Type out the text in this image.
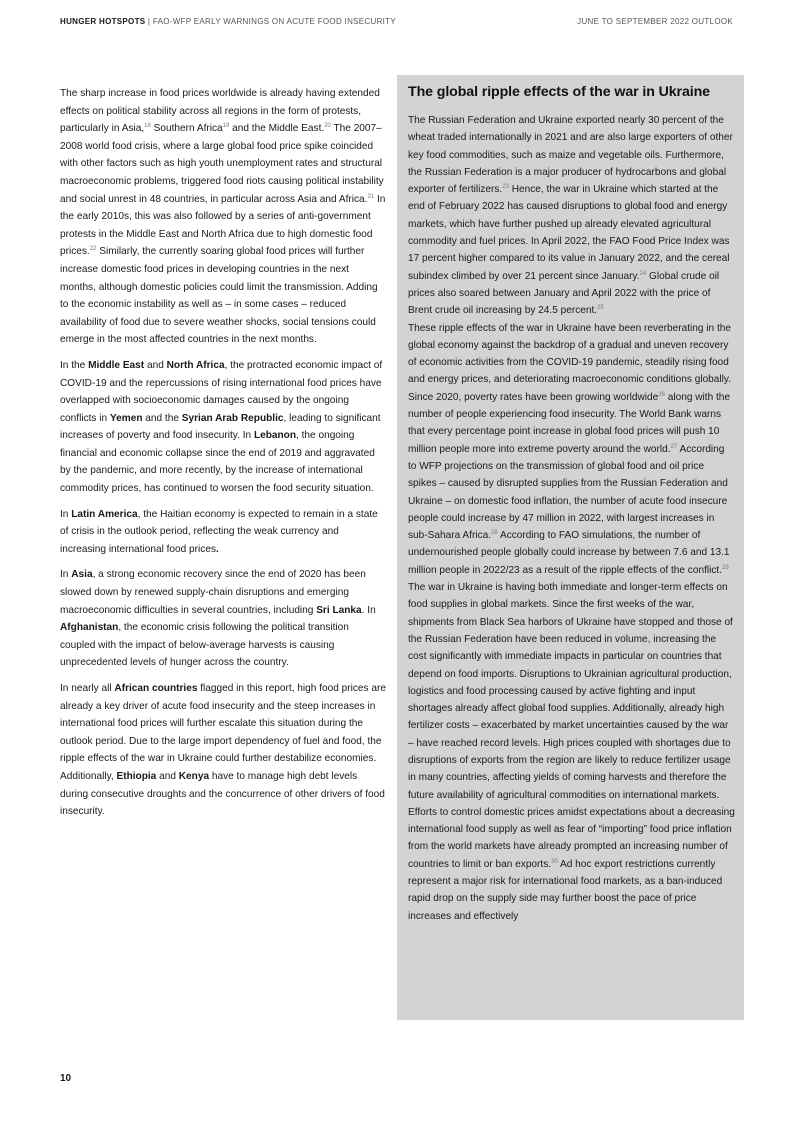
HUNGER HOTSPOTS | FAO-WFP EARLY WARNINGS ON ACUTE FOOD INSECURITY	JUNE TO SEPTEMBER 2022 OUTLOOK

The sharp increase in food prices worldwide is already having extended effects on political stability across all regions in the form of protests, particularly in Asia,$^{18}$ Southern Africa$^{19}$ and the Middle East.$^{20}$ The 2007–2008 world food crisis, where a large global food price spike coincided with other factors such as high youth unemployment rates and structural macroeconomic problems, triggered food riots causing political instability and social unrest in 48 countries, in particular across Asia and Africa.$^{21}$ In the early 2010s, this was also followed by a series of anti-government protests in the Middle East and North Africa due to high domestic food prices.$^{22}$ Similarly, the currently soaring global food prices will further increase domestic food prices in developing countries in the next months, although domestic policies could limit the transmission. Adding to the economic instability as well as – in some cases – reduced availability of food due to severe weather shocks, social tensions could emerge in the most affected countries in the next months.

In the Middle East and North Africa, the protracted economic impact of COVID-19 and the repercussions of rising international food prices have overlapped with socioeconomic damages caused by the ongoing conflicts in Yemen and the Syrian Arab Republic, leading to significant increases of poverty and food insecurity. In Lebanon, the ongoing financial and economic collapse since the end of 2019 and aggravated by the pandemic, and more recently, by the increase of international commodity prices, has continued to worsen the food security situation.

In Latin America, the Haitian economy is expected to remain in a state of crisis in the outlook period, reflecting the weak currency and increasing international food prices.

In Asia, a strong economic recovery since the end of 2020 has been slowed down by renewed supply-chain disruptions and emerging macroeconomic difficulties in several countries, including Sri Lanka. In Afghanistan, the economic crisis following the political transition coupled with the impact of below-average harvests is causing unprecedented levels of hunger across the country.

In nearly all African countries flagged in this report, high food prices are already a key driver of acute food insecurity and the steep increases in international food prices will further escalate this situation during the outlook period. Due to the large import dependency of fuel and food, the ripple effects of the war in Ukraine could further destabilize economies. Additionally, Ethiopia and Kenya have to manage high debt levels during consecutive droughts and the concurrence of other drivers of food insecurity.

The global ripple effects of the war in Ukraine

The Russian Federation and Ukraine exported nearly 30 percent of the wheat traded internationally in 2021 and are also large exporters of other key food commodities, such as maize and vegetable oils. Furthermore, the Russian Federation is a major producer of hydrocarbons and global exporter of fertilizers.$^{23}$ Hence, the war in Ukraine which started at the end of February 2022 has caused disruptions to global food and energy markets, which have further pushed up already elevated agricultural commodity and fuel prices. In April 2022, the FAO Food Price Index was 17 percent higher compared to its value in January 2022, and the cereal subindex climbed by over 21 percent since January.$^{24}$ Global crude oil prices also soared between January and April 2022 with the price of Brent crude oil increasing by 24.5 percent.$^{25}$

These ripple effects of the war in Ukraine have been reverberating in the global economy against the backdrop of a gradual and uneven recovery of economic activities from the COVID-19 pandemic, steadily rising food and energy prices, and deteriorating macroeconomic conditions globally. Since 2020, poverty rates have been growing worldwide$^{26}$ along with the number of people experiencing food insecurity. The World Bank warns that every percentage point increase in global food prices will push 10 million people more into extreme poverty around the world.$^{27}$ According to WFP projections on the transmission of global food and oil price spikes – caused by disrupted supplies from the Russian Federation and Ukraine – on domestic food inflation, the number of acute food insecure people could increase by 47 million in 2022, with largest increases in sub-Sahara Africa.$^{28}$ According to FAO simulations, the number of undernourished people globally could increase by between 7.6 and 13.1 million people in 2022/23 as a result of the ripple effects of the conflict.$^{29}$

The war in Ukraine is having both immediate and longer-term effects on food supplies in global markets. Since the first weeks of the war, shipments from Black Sea harbors of Ukraine have stopped and those of the Russian Federation have been reduced in volume, increasing the cost significantly with immediate impacts in particular on countries that depend on food imports. Disruptions to Ukrainian agricultural production, logistics and food processing caused by active fighting and input shortages already affect global food supplies. Additionally, already high fertilizer costs – exacerbated by market uncertainties caused by the war – have reached record levels. High prices coupled with shortages due to disruptions of exports from the region are likely to reduce fertilizer usage in many countries, affecting yields of coming harvests and therefore the future availability of agricultural commodities on international markets.

Efforts to control domestic prices amidst expectations about a decreasing international food supply as well as fear of “importing” food price inflation from the world markets have already prompted an increasing number of countries to limit or ban exports.$^{30}$ Ad hoc export restrictions currently represent a major risk for international food markets, as a ban-induced rapid drop on the supply side may further boost the pace of price increases and effectively

10
